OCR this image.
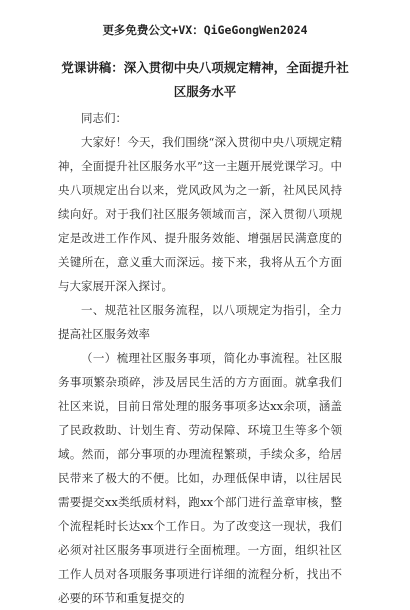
更多免费公文+VX：QiGeGongWen2024
党课讲稿：深入贯彻中央八项规定精神，全面提升社区服务水平

同志们：

大家好！今天，我们围绕“深入贯彻中央八项规定精神，全面提升社区服务水平”这一主题开展党课学习。中央八项规定出台以来，党风政风为之一新，社风民风持续向好。对于我们社区服务领域而言，深入贯彻八项规定是改进工作作风、提升服务效能、增强居民满意度的关键所在，意义重大而深远。接下来，我将从五个方面与大家展开深入探讨。

一、规范社区服务流程，以八项规定为指引，全力提高社区服务效率

（一）梳理社区服务事项，简化办事流程。社区服务事项繁杂琐碎，涉及居民生活的方方面面。就拿我们社区来说，目前日常处理的服务事项多达xx余项，涵盖了民政救助、计划生育、劳动保障、环境卫生等多个领域。然而，部分事项的办理流程繁琐，手续众多，给居民带来了极大的不便。比如，办理低保申请，以往居民需要提交xx类纸质材料，跑xx个部门进行盖章审核，整个流程耗时长达xx个工作日。为了改变这一现状，我们必须对社区服务事项进行全面梳理。一方面，组织社区工作人员对各项服务事项进行详细的流程分析，找出不必要的环节和重复提交的
